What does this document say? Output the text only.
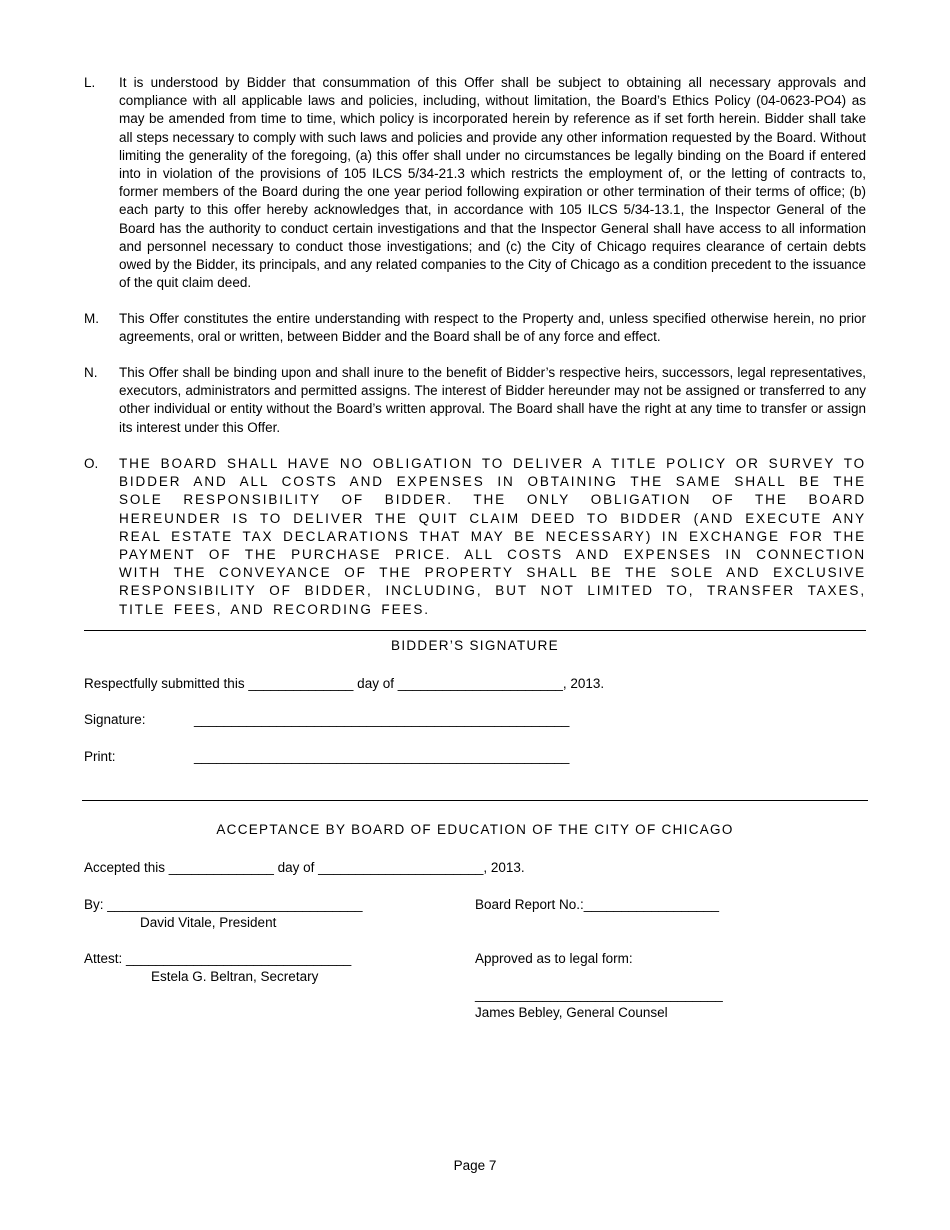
L.	It is understood by Bidder that consummation of this Offer shall be subject to obtaining all necessary approvals and compliance with all applicable laws and policies, including, without limitation, the Board’s Ethics Policy (04-0623-PO4) as may be amended from time to time, which policy is incorporated herein by reference as if set forth herein. Bidder shall take all steps necessary to comply with such laws and policies and provide any other information requested by the Board. Without limiting the generality of the foregoing, (a) this offer shall under no circumstances be legally binding on the Board if entered into in violation of the provisions of 105 ILCS 5/34-21.3 which restricts the employment of, or the letting of contracts to, former members of the Board during the one year period following expiration or other termination of their terms of office; (b) each party to this offer hereby acknowledges that, in accordance with 105 ILCS 5/34-13.1, the Inspector General of the Board has the authority to conduct certain investigations and that the Inspector General shall have access to all information and personnel necessary to conduct those investigations; and (c) the City of Chicago requires clearance of certain debts owed by the Bidder, its principals, and any related companies to the City of Chicago as a condition precedent to the issuance of the quit claim deed.
M.	This Offer constitutes the entire understanding with respect to the Property and, unless specified otherwise herein, no prior agreements, oral or written, between Bidder and the Board shall be of any force and effect.
N.	This Offer shall be binding upon and shall inure to the benefit of Bidder’s respective heirs, successors, legal representatives, executors, administrators and permitted assigns. The interest of Bidder hereunder may not be assigned or transferred to any other individual or entity without the Board’s written approval. The Board shall have the right at any time to transfer or assign its interest under this Offer.
O.	THE BOARD SHALL HAVE NO OBLIGATION TO DELIVER A TITLE POLICY OR SURVEY TO BIDDER AND ALL COSTS AND EXPENSES IN OBTAINING THE SAME SHALL BE THE SOLE RESPONSIBILITY OF BIDDER. THE ONLY OBLIGATION OF THE BOARD HEREUNDER IS TO DELIVER THE QUIT CLAIM DEED TO BIDDER (AND EXECUTE ANY REAL ESTATE TAX DECLARATIONS THAT MAY BE NECESSARY) IN EXCHANGE FOR THE PAYMENT OF THE PURCHASE PRICE. ALL COSTS AND EXPENSES IN CONNECTION WITH THE CONVEYANCE OF THE PROPERTY SHALL BE THE SOLE AND EXCLUSIVE RESPONSIBILITY OF BIDDER, INCLUDING, BUT NOT LIMITED TO, TRANSFER TAXES, TITLE FEES, AND RECORDING FEES.
BIDDER’S SIGNATURE
Respectfully submitted this ______________ day of ______________________, 2013.
Signature:	__________________________________________________
Print:	__________________________________________________
ACCEPTANCE BY BOARD OF EDUCATION OF THE CITY OF CHICAGO
Accepted this ______________ day of ______________________, 2013.
By: __________________________________
David Vitale, President
Board Report No.:__________________
Attest: ______________________________
Estela G. Beltran, Secretary
Approved as to legal form:
_________________________________
James Bebley, General Counsel
Page 7
